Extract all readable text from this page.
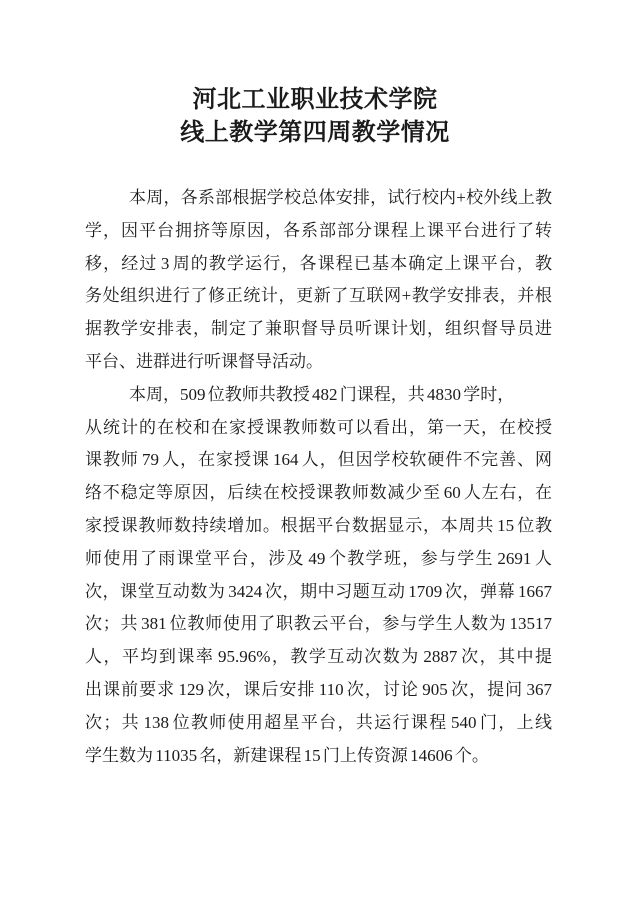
河北工业职业技术学院
线上教学第四周教学情况
本周，各系部根据学校总体安排，试行校内+校外线上教
学，因平台拥挤等原因，各系部部分课程上课平台进行了转
移，经过 3 周的教学运行，各课程已基本确定上课平台，教
务处组织进行了修正统计，更新了互联网+教学安排表，并根
据教学安排表，制定了兼职督导员听课计划，组织督导员进
平台、进群进行听课督导活动。
本周，509 位教师共教授 482 门课程，共 4830 学时，
从统计的在校和在家授课教师数可以看出，第一天，在校授
课教师 79 人，在家授课 164 人，但因学校软硬件不完善、网
络不稳定等原因，后续在校授课教师数减少至 60 人左右，在
家授课教师数持续增加。根据平台数据显示，本周共 15 位教
师使用了雨课堂平台，涉及 49 个教学班，参与学生 2691 人
次，课堂互动数为 3424 次，期中习题互动 1709 次，弹幕 1667
次；共 381 位教师使用了职教云平台，参与学生人数为 13517
人，平均到课率 95.96%，教学互动次数为 2887 次，其中提
出课前要求 129 次，课后安排 110 次，讨论 905 次，提问 367
次；共 138 位教师使用超星平台，共运行课程 540 门，上线
学生数为 11035 名，新建课程 15 门上传资源 14606 个。
